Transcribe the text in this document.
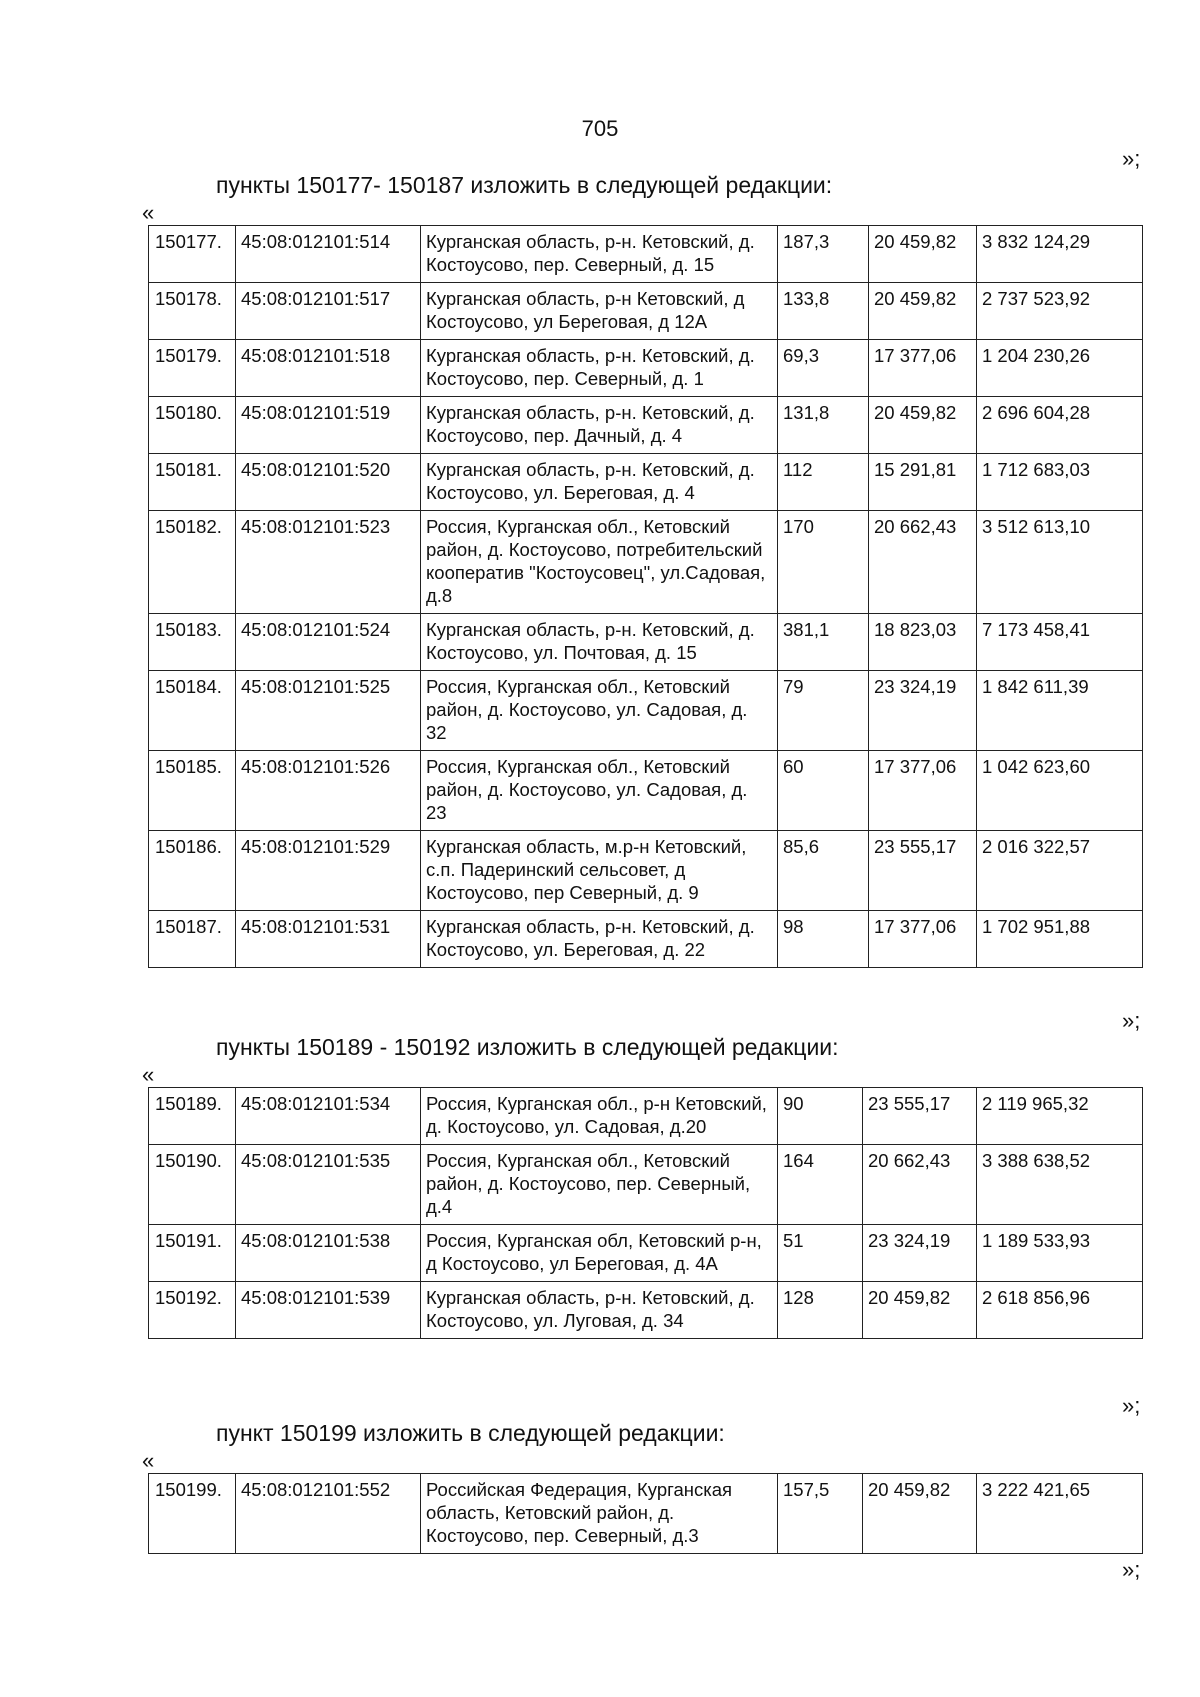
705
»;
пункты 150177- 150187 изложить в следующей редакции:
«
150177.	45:08:012101:514	Курганская область, р-н. Кетовский, д. Костоусово, пер. Северный, д. 15	187,3	20 459,82	3 832 124,29
150178.	45:08:012101:517	Курганская область, р-н Кетовский, д Костоусово, ул Береговая, д 12А	133,8	20 459,82	2 737 523,92
150179.	45:08:012101:518	Курганская область, р-н. Кетовский, д. Костоусово, пер. Северный, д. 1	69,3	17 377,06	1 204 230,26
150180.	45:08:012101:519	Курганская область, р-н. Кетовский, д. Костоусово, пер. Дачный, д. 4	131,8	20 459,82	2 696 604,28
150181.	45:08:012101:520	Курганская область, р-н. Кетовский, д. Костоусово, ул. Береговая, д. 4	112	15 291,81	1 712 683,03
150182.	45:08:012101:523	Россия, Курганская обл., Кетовский район, д. Костоусово, потребительский кооператив "Костоусовец", ул.Садовая, д.8	170	20 662,43	3 512 613,10
150183.	45:08:012101:524	Курганская область, р-н. Кетовский, д. Костоусово, ул. Почтовая, д. 15	381,1	18 823,03	7 173 458,41
150184.	45:08:012101:525	Россия, Курганская обл., Кетовский район, д. Костоусово, ул. Садовая, д. 32	79	23 324,19	1 842 611,39
150185.	45:08:012101:526	Россия, Курганская обл., Кетовский район, д. Костоусово, ул. Садовая, д. 23	60	17 377,06	1 042 623,60
150186.	45:08:012101:529	Курганская область, м.р-н Кетовский, с.п. Падеринский сельсовет, д Костоусово, пер Северный, д. 9	85,6	23 555,17	2 016 322,57
150187.	45:08:012101:531	Курганская область, р-н. Кетовский, д. Костоусово, ул. Береговая, д. 22	98	17 377,06	1 702 951,88
»;
пункты 150189 - 150192 изложить в следующей редакции:
«
150189.	45:08:012101:534	Россия, Курганская обл., р-н Кетовский, д. Костоусово, ул. Садовая, д.20	90	23 555,17	2 119 965,32
150190.	45:08:012101:535	Россия, Курганская обл., Кетовский район, д. Костоусово, пер. Северный, д.4	164	20 662,43	3 388 638,52
150191.	45:08:012101:538	Россия, Курганская обл, Кетовский р-н, д Костоусово, ул Береговая, д. 4А	51	23 324,19	1 189 533,93
150192.	45:08:012101:539	Курганская область, р-н. Кетовский, д. Костоусово, ул. Луговая, д. 34	128	20 459,82	2 618 856,96
»;
пункт 150199 изложить в следующей редакции:
«
150199.	45:08:012101:552	Российская Федерация, Курганская область, Кетовский район, д. Костоусово, пер. Северный, д.3	157,5	20 459,82	3 222 421,65
»;
